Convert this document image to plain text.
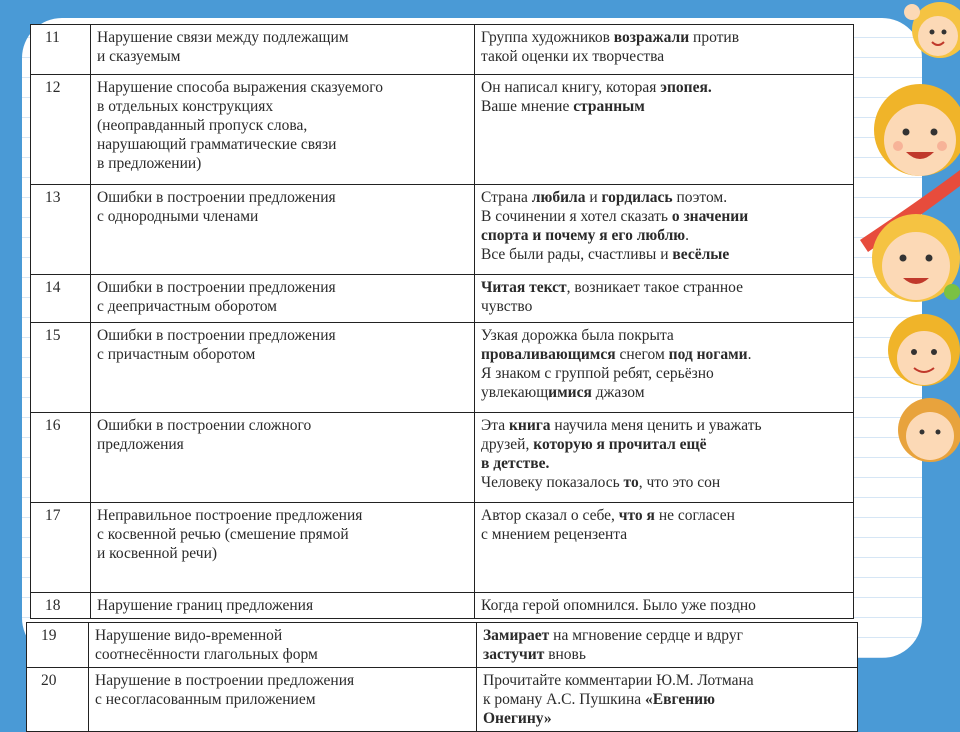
11	Нарушение связи между подлежащим
и сказуемым	Группа художников возражали против
такой оценки их творчества

12	Нарушение способа выражения сказуемого
в отдельных конструкциях
(неоправданный пропуск слова,
нарушающий грамматические связи
в предложении)	Он написал книгу, которая эпопея.
Ваше мнение странным

13	Ошибки в построении предложения
с однородными членами	Страна любила и гордилась поэтом.
В сочинении я хотел сказать о значении
спорта и почему я его люблю.
Все были рады, счастливы и весёлые

14	Ошибки в построении предложения
с деепричастным оборотом	Читая текст, возникает такое странное
чувство

15	Ошибки в построении предложения
с причастным оборотом	Узкая дорожка была покрыта
проваливающимся снегом под ногами.
Я знаком с группой ребят, серьёзно
увлекающимися джазом

16	Ошибки в построении сложного
предложения	Эта книга научила меня ценить и уважать
друзей, которую я прочитал ещё
в детстве.
Человеку показалось то, что это сон

17	Неправильное построение предложения
с косвенной речью (смешение прямой
и косвенной речи)	Автор сказал о себе, что я не согласен
с мнением рецензента

18	Нарушение границ предложения	Когда герой опомнился. Было уже поздно
19	Нарушение видо-временной
соотнесённости глагольных форм	Замирает на мгновение сердце и вдруг
застучит вновь

20	Нарушение в построении предложения
с несогласованным приложением	Прочитайте комментарии Ю.М. Лотмана
к роману А.С. Пушкина «Евгению
Онегину»
